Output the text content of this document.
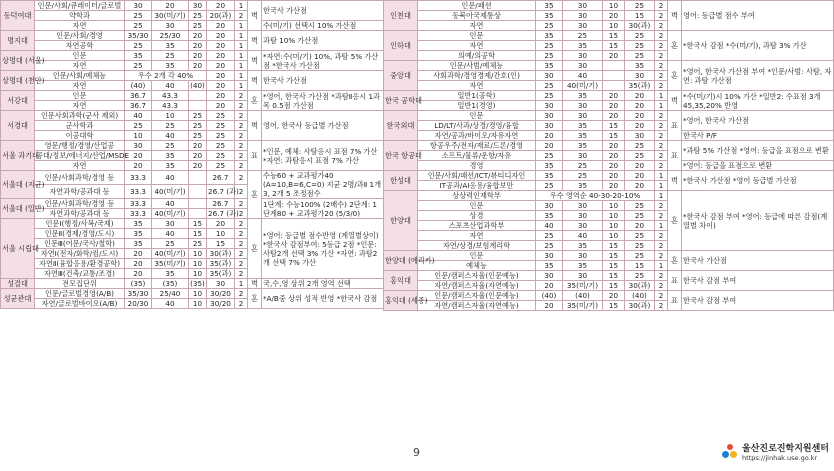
동덕여대	인문/사회/큐레이터/글로벌	30	20	30	20	1	벽	한국사 가산점
	약학과	25	30(미/기)	25	20(과)	2		
	자연	25	30	25	20	1		수(미/기) 선택시 10% 가산점
명지대	인문/사회/경영	35/30	25/30	20	20	1	벽	과탐 10% 가산점
	자연공학	25	35	20	20	1		
상명대 (서울)	인문	35	25	20	20	1	벽	*자연:수(미/기) 10%, 과탐 5% 가산점 *한국사 가산점
	자연	25	35	20	20	1		
상명대 (천안)	인문/사회/예체능	우수 2개 각 40%			20	1	벽	한국사 가산점
	자연	(40)	40	(40)	20	1		
서강대	인문	36.7	43.3		20	2	혼	*영어, 한국사 가산점 *과탐Ⅱ응시 1과목 0.5점 가산점
	자연	36.7	43.3		20	2		
서경대	인문사회과학(군사 제외)	40	10	25	25	2	벽	영어, 한국사 등급별 가산점
	군사학과	25	25	25	25	2		
	이공대학	10	40	25	25	2		
서울 과기대	영문/행정/경영/산업공	30	25	20	25	2	표	*인문, 예체: 사탐응시 표점 7% 가산 *자연: 과탐응시 표점 7% 가산
	공대/정보/에너지/산업/MSDE	20	35	20	25	2		
	자연	20	35	20	25	2		
서울대 (지균)	인문/사회과학/경영 등	33.3	40		26.7	2	혼	수능60 + 교과평가40 (A=10,B=6,C=0) 지균 2명/과Ⅱ 1개 3, 2개 5 조정점수
	자연과학/공과대 등	33.3	40(미/기)		26.7 (과)	2		
서울대 (일반)	인문/사회과학/경영 등	33.3	40		26.7	2		1단계: 수능100% (2배수) 2단계: 1단계80 + 교과평가20 (5/3/0)
	자연과학/공과대 등	33.3	40(미/기)		26.7 (과)	2		
서울 시립대	인문Ⅰ(행정/사복/국제)	35	30	15	20	2	혼	*영어: 등급별 점수반영 (계열별상이) *한국사 감점부여: 5등급 2점 *인문: 사탐2개 선택 3% 가산 *자연: 과탐2개 선택 7% 가산
	인문Ⅱ(경제/경영/도시)	35	40	15	10	2		
	인문Ⅲ(어문/국사/철학)	35	25	25	15	2		
	자연Ⅰ(전자/화학/컴/도시)	20	40(미/기)	10	30(과)	2		
	자연Ⅱ(융합응용/환경공학)	20	35(미/기)	10	35(과)	2		
	자연Ⅲ(건축/교통/조경)	20	35	10	35(과)	2		
성결대	전모집단위	(35)	(35)	(35)	30	1	벽	국,수,영 상위 2개 영역 선택
성균관대	인문/글로벌경영(A/B)	35/30	25/40	10	30/20	2	혼	*A/B중 상위 성적 반영 *한국사 감점
	자연/글로벌바이오(A/B)	20/30	40	10	30/20	2		
인천대	인문/패션	35	30	10	25	2	벽	영어: 등급별 점수 부여
	동북아국제통상	35	30	20	15	2		
	자연	25	30	10	30(과)	2		
인하대	인문	35	25	15	25	2	혼	*한국사 감점 *수(미/기), 과탐 3% 가산
	자연	25	35	15	25	2		
	의예/의공학	25	30	20	25	2		
중앙대	인문/사범/예체능	35	30		35	2	혼	*영어, 한국사 가산점 부여 *인문/사범: 사탐, 자연: 과탐 가산점
	사회과학/경영경제/간호(인)	30	40		30	2		
	자연	25	40(미/기)		35(과)	2		
한국 공학대	일반1(공학)	25	35	20	20	1	벽	*수(미/기)시 10% 가산 *일반2: 수표점 3개 45,35,20% 반영
	일반1(경영)	30	30	20	20	1		
한국외대	인문	30	30	20	20	2	표	*영어, 한국사 가산점
	LD/LT/사과/상경/경영/융합	30	35	15	20	2		
	자연/공과/바이오/자유자연	20	35	15	30	2		한국사 P/F
한국 항공대	항공우주/전자/재료/드론/경영	20	35	20	25	2	표	*과탐 5% 가산점 *영어: 등급을 표점으로 변환
	소프트/물류/운항/자유	25	30	20	25	2		
	경영	35	25	20	20	2		*영어: 등급을 표점으로 변환
한성대	인문/사회/패션/ICT/뷰티디자인	35	25	20	20	1	벽	*한국사 가산점 *영어 등급별 가산점
	IT공과/AI응용/융합보안	25	35	20	20	1		
한양대	상상력인재학부	우수 영역순 40-30-20-10%				1	혼	*한국사 감점 부여 *영어: 등급에 따른 감점(계열별 차이)
	인문	30	30	10	25	2		
	상경	35	30	10	25	2		
	스포츠산업과학부	40	30	10	20	1		
	자연	25	40	10	25	2		
	자연/상경/보험계리학	25	35	15	25	2		
한양대 (에리카)	인문	30	30	15	25	2	혼	한국사 가산점
	예체능	35	35	15	15	1		
홍익대	인문/캠퍼스자율(인문예능)	30	30	15	25	2	표	한국사 감점 부여
	자연/캠퍼스자율(자연예능)	20	35(미/기)	15	30(과)	2		
홍익대 (세종)	인문/캠퍼스자율(인문예능)	(40)	(40)	20	(40)	2	표	한국사 감점 부여
	자연/캠퍼스자율(자연예능)	20	35(미/기)	15	30(과)	2		
9	울산진로진학지원센터
https://jinhak.use.go.kr
